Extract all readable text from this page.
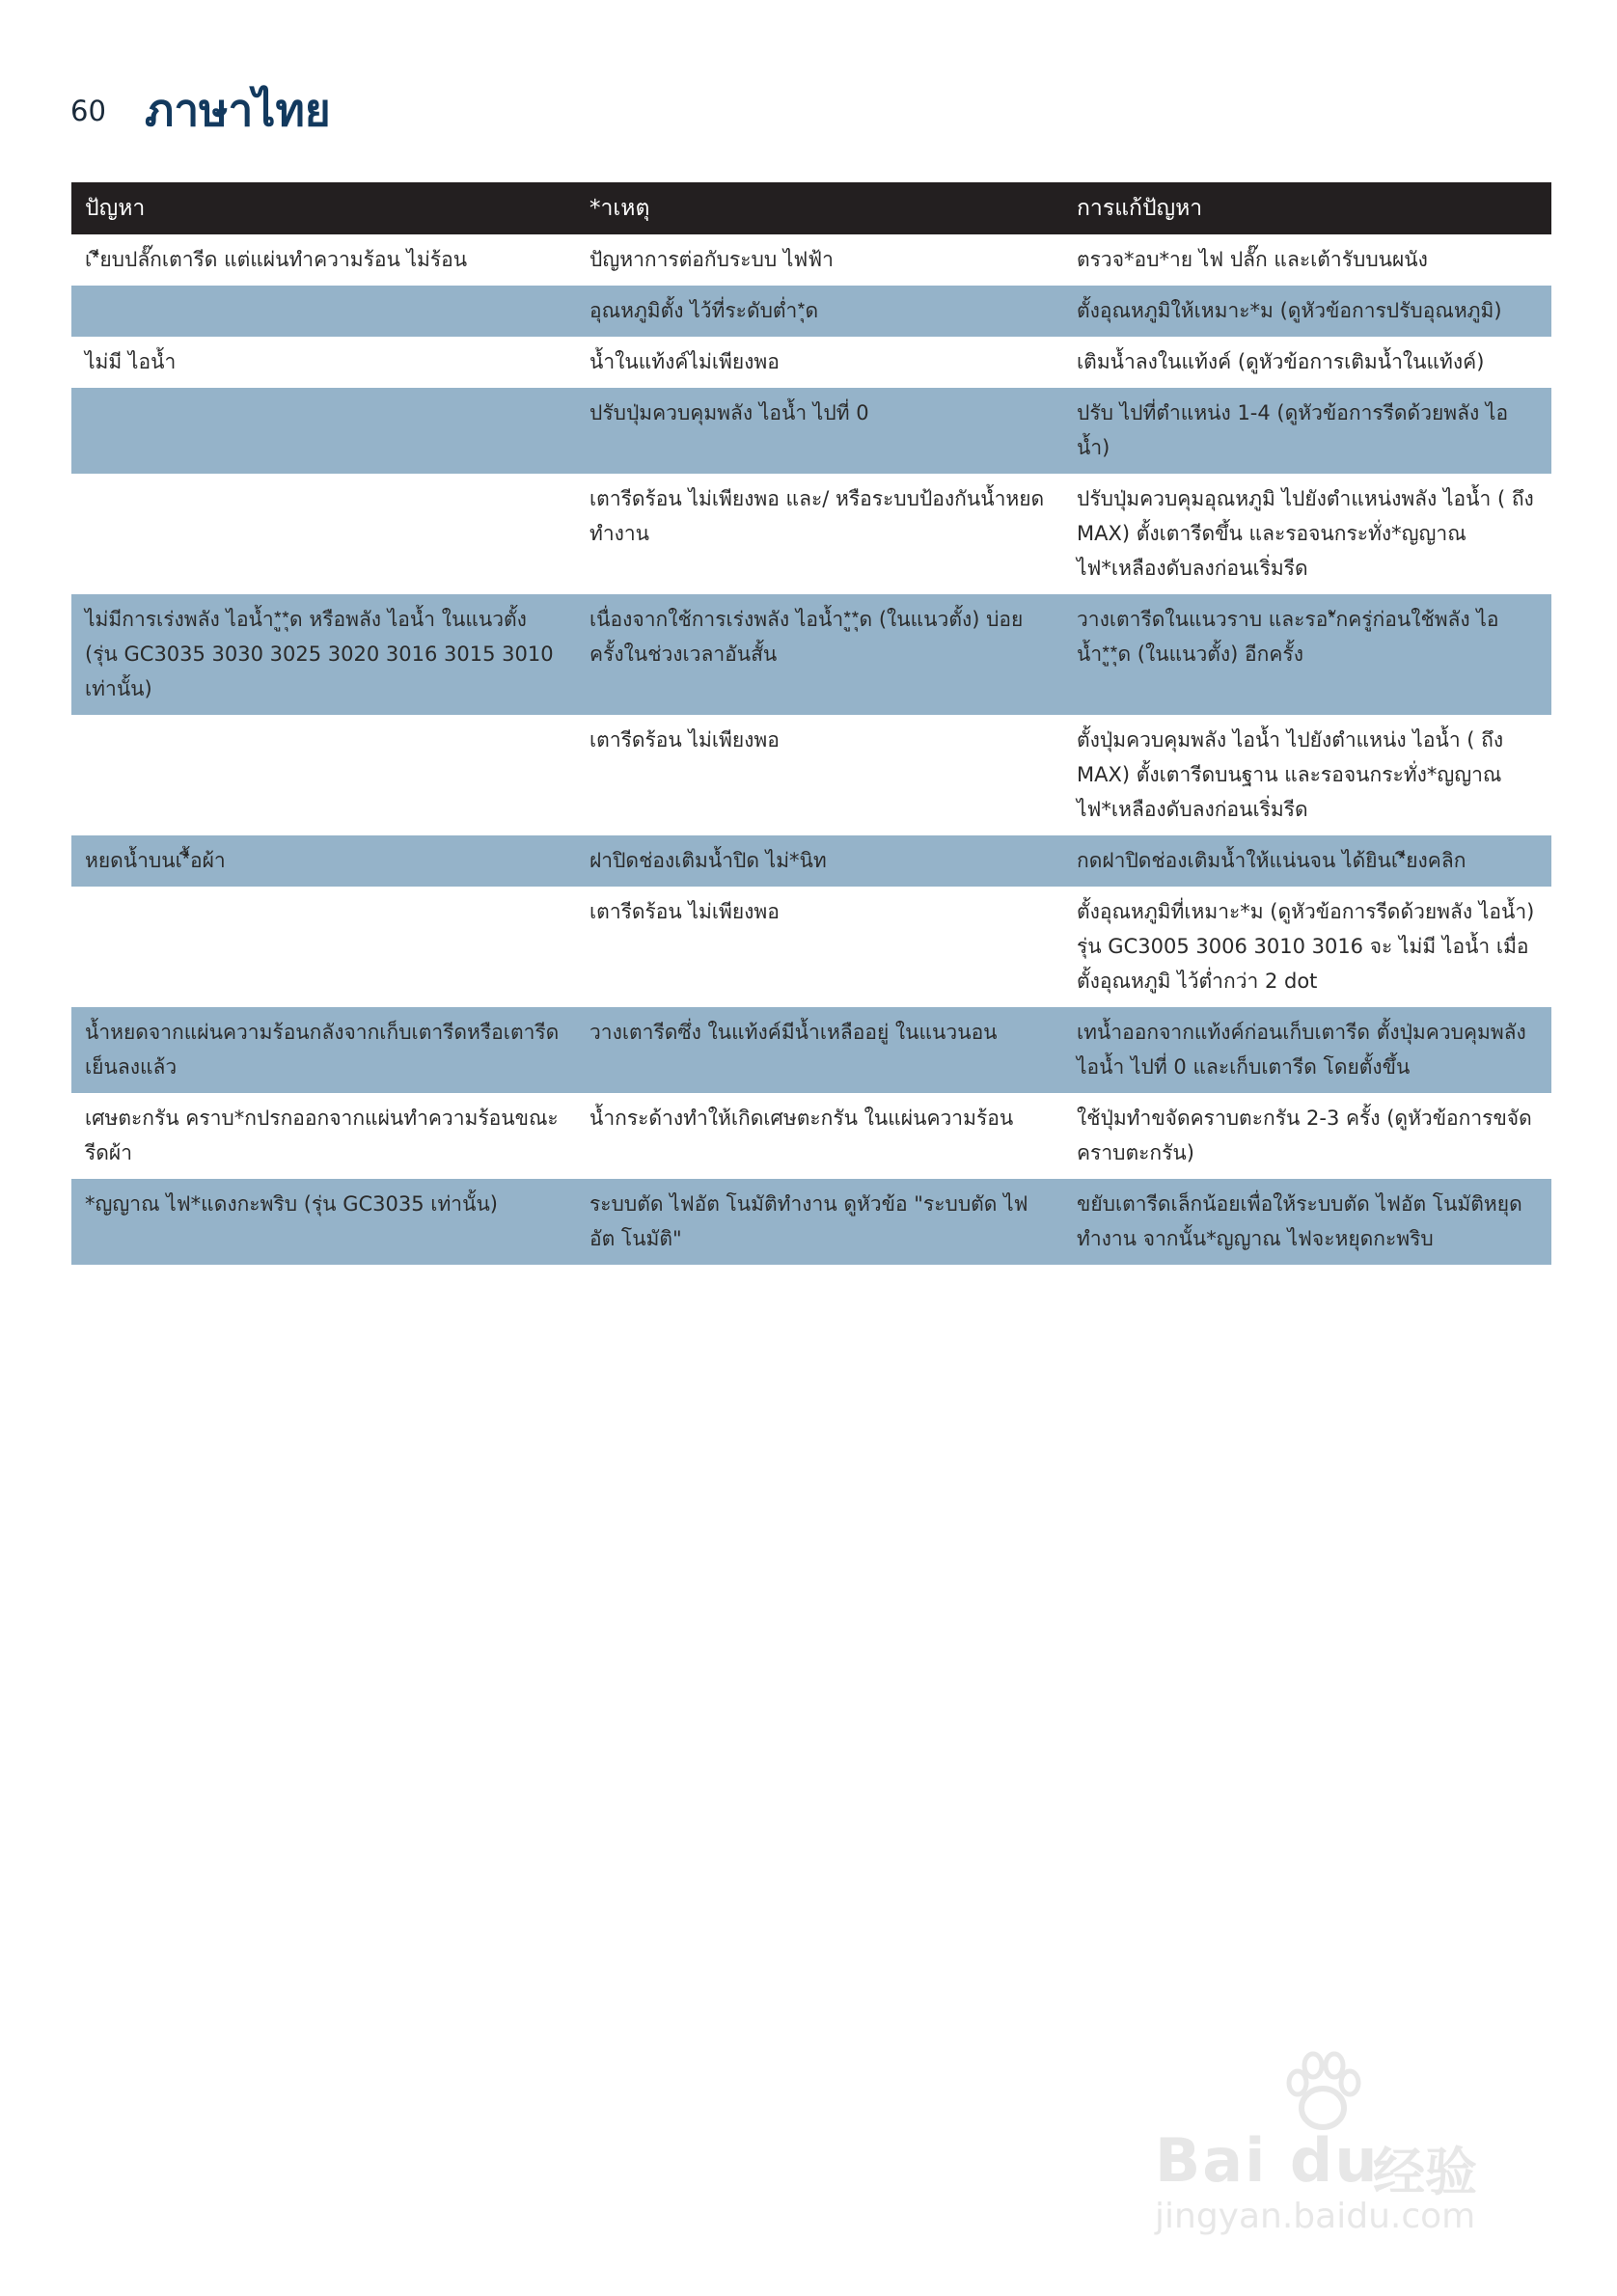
60 ภาษาไทย
ปัญหา	*าเหตุ	การแก้ปัญหา
เ*ียบปลั๊กเตารีด แต่แผ่นทำความร้อน ไม่ร้อน	ปัญหาการต่อกับระบบ ไฟฟ้า	ตรวจ*อบ*าย ไฟ ปลั๊ก และเต้ารับบนผนัง
	อุณหภูมิตั้ง ไว้ที่ระดับต่ำ*ุด	ตั้งอุณหภูมิให้เหมาะ*ม (ดูหัวข้อการปรับอุณหภูมิ)
ไม่มี ไอน้ำ	น้ำในแท้งค์ไม่เพียงพอ	เติมน้ำลงในแท้งค์ (ดูหัวข้อการเติมน้ำในแท้งค์)
	ปรับปุ่มควบคุมพลัง ไอน้ำ ไปที่ 0	ปรับ ไปที่ตำแหน่ง 1-4 (ดูหัวข้อการรีดด้วยพลัง ไอน้ำ)
	เตารีดร้อน ไม่เพียงพอ และ/ หรือระบบป้องกันน้ำหยดทำงาน	ปรับปุ่มควบคุมอุณหภูมิ ไปยังตำแหน่งพลัง ไอน้ำ ( ถึง MAX) ตั้งเตารีดขึ้น และรอจนกระทั่ง*ญญาณ ไฟ*เหลืองดับลงก่อนเริ่มรีด
ไม่มีการเร่งพลัง ไอน้ำ*ู*ุด หรือพลัง ไอน้ำ ในแนวตั้ง (รุ่น GC3035 3030 3025 3020 3016 3015 3010 เท่านั้น)	เนื่องจากใช้การเร่งพลัง ไอน้ำ*ู*ุด (ในแนวตั้ง) บ่อยครั้งในช่วงเวลาอันสั้น	วางเตารีดในแนวราบ และรอ*ักครู่ก่อนใช้พลัง ไอน้ำ*ู*ุด (ในแนวตั้ง) อีกครั้ง
	เตารีดร้อน ไม่เพียงพอ	ตั้งปุ่มควบคุมพลัง ไอน้ำ ไปยังตำแหน่ง ไอน้ำ ( ถึง MAX) ตั้งเตารีดบนฐาน และรอจนกระทั่ง*ญญาณ ไฟ*เหลืองดับลงก่อนเริ่มรีด
หยดน้ำบนเ*ื้อผ้า	ฝาปิดช่องเติมน้ำปิด ไม่*นิท	กดฝาปิดช่องเติมน้ำให้แน่นจน ได้ยินเ*ียงคลิก
	เตารีดร้อน ไม่เพียงพอ	ตั้งอุณหภูมิที่เหมาะ*ม (ดูหัวข้อการรีดด้วยพลัง ไอน้ำ) รุ่น GC3005 3006 3010 3016 จะ ไม่มี ไอน้ำ เมื่อตั้งอุณหภูมิ ไว้ต่ำกว่า 2 dot
น้ำหยดจากแผ่นความร้อนกลังจากเก็บเตารีดหรือเตารีดเย็นลงแล้ว	วางเตารีดซึ่ง ในแท้งค์มีน้ำเหลืออยู่ ในแนวนอน	เทน้ำออกจากแท้งค์ก่อนเก็บเตารีด ตั้งปุ่มควบคุมพลัง ไอน้ำ ไปที่ 0 และเก็บเตารีด โดยตั้งขึ้น
เศษตะกรัน คราบ*กปรกออกจากแผ่นทำความร้อนขณะรีดผ้า	น้ำกระด้างทำให้เกิดเศษตะกรัน ในแผ่นความร้อน	ใช้ปุ่มทำขจัดคราบตะกรัน 2-3 ครั้ง (ดูหัวข้อการขจัดคราบตะกรัน)
*ญญาณ ไฟ*แดงกะพริบ (รุ่น GC3035 เท่านั้น)	ระบบตัด ไฟอัต โนมัติทำงาน ดูหัวข้อ "ระบบตัด ไฟอัต โนมัติ"	ขยับเตารีดเล็กน้อยเพื่อให้ระบบตัด ไฟอัต โนมัติหยุดทำงาน จากนั้น*ญญาณ ไฟจะหยุดกะพริบ
Bai du
经验
jingyan.baidu.com
